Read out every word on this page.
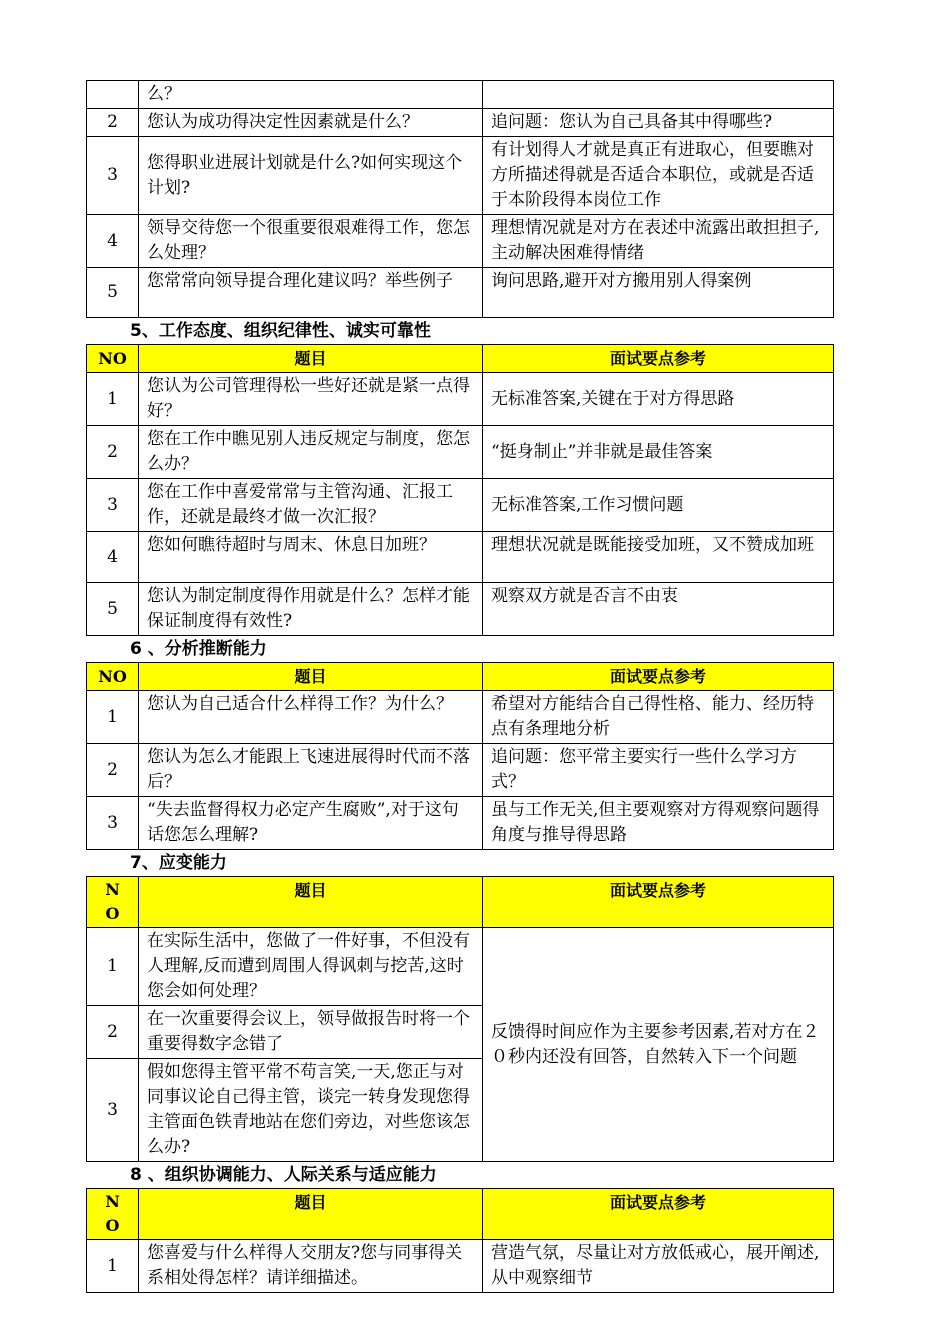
	么？	
2	您认为成功得决定性因素就是什么？	追问题：您认为自己具备其中得哪些?
3	您得职业进展计划就是什么?如何实现这个计划?	有计划得人才就是真正有进取心，但要瞧对方所描述得就是否适合本职位，或就是否适于本阶段得本岗位工作
4	领导交待您一个很重要很艰难得工作，您怎么处理？	理想情况就是对方在表述中流露出敢担担子,主动解决困难得情绪
5	您常常向领导提合理化建议吗？举些例子	询问思路,避开对方搬用别人得案例
5、工作态度、组织纪律性、诚实可靠性
NO	题目	面试要点参考
1	您认为公司管理得松一些好还就是紧一点得好？	无标准答案,关键在于对方得思路
2	您在工作中瞧见别人违反规定与制度，您怎么办？	“挺身制止”并非就是最佳答案
3	您在工作中喜爱常常与主管沟通、汇报工作，还就是最终才做一次汇报？	无标准答案,工作习惯问题
4	您如何瞧待超时与周末、休息日加班？	理想状况就是既能接受加班，又不赞成加班
5	您认为制定制度得作用就是什么？怎样才能保证制度得有效性?	观察双方就是否言不由衷
6 、分析推断能力
NO	题目	面试要点参考
1	您认为自己适合什么样得工作？为什么？	希望对方能结合自己得性格、能力、经历特点有条理地分析
2	您认为怎么才能跟上飞速进展得时代而不落后？	追问题：您平常主要实行一些什么学习方式？
3	“失去监督得权力必定产生腐败”,对于这句话您怎么理解?	虽与工作无关,但主要观察对方得观察问题得角度与推导得思路
7、应变能力
NO	题目	面试要点参考
1	在实际生活中，您做了一件好事，不但没有人理解,反而遭到周围人得讽刺与挖苦,这时您会如何处理？	反馈得时间应作为主要参考因素,若对方在２０秒内还没有回答，自然转入下一个问题
2	在一次重要得会议上，领导做报告时将一个重要得数字念错了	
3	假如您得主管平常不苟言笑,一天,您正与对同事议论自己得主管，谈完一转身发现您得主管面色铁青地站在您们旁边，对些您该怎么办?	
8 、组织协调能力、人际关系与适应能力
NO	题目	面试要点参考
1	您喜爱与什么样得人交朋友?您与同事得关系相处得怎样？请详细描述。	营造气氛，尽量让对方放低戒心，展开阐述,从中观察细节
